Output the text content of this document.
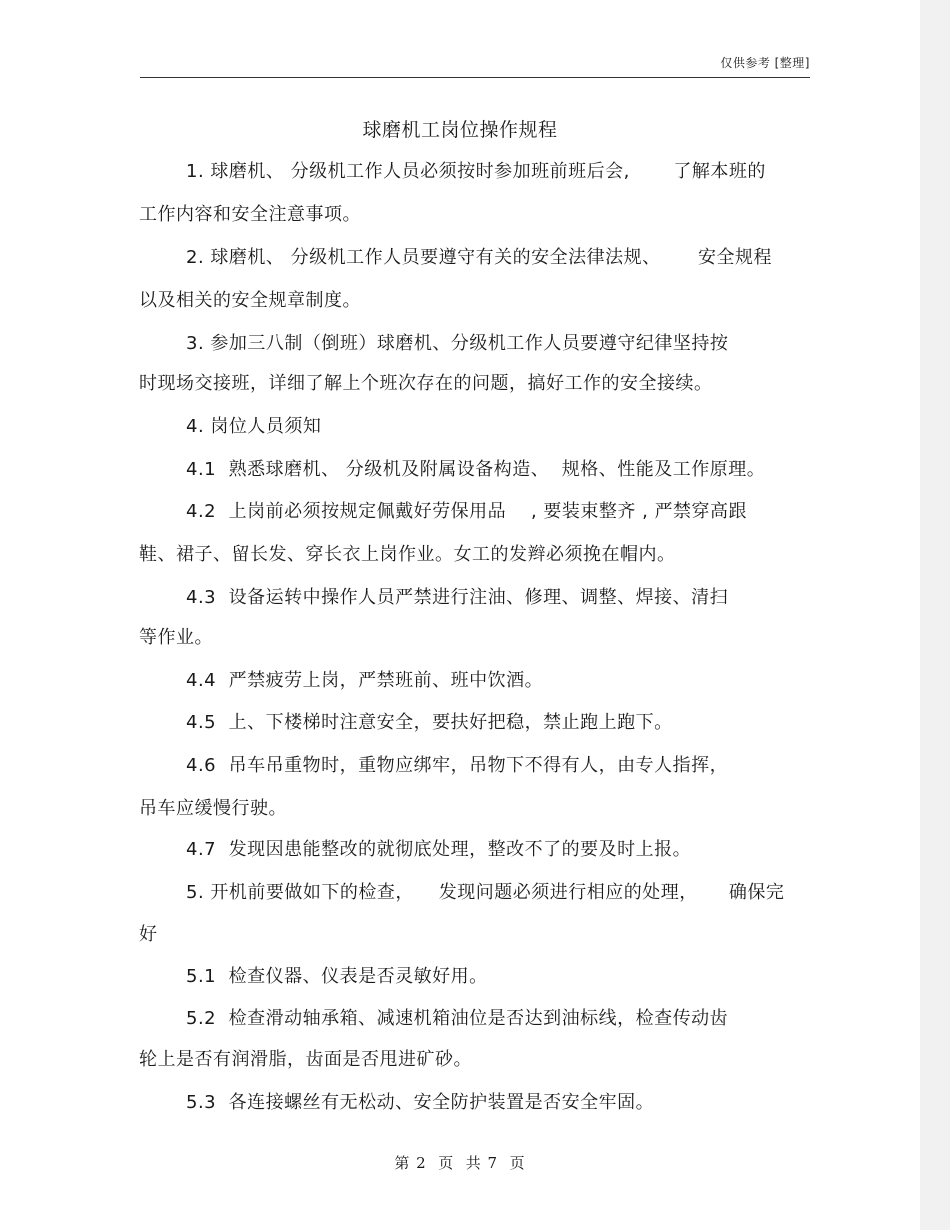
仅供参考 [整理]
球磨机工岗位操作规程
1. 球磨机、 分级机工作人员必须按时参加班前班后会,       了解本班的
工作内容和安全注意事项。
2. 球磨机、 分级机工作人员要遵守有关的安全法律法规、      安全规程
以及相关的安全规章制度。
3. 参加三八制（倒班）球磨机、分级机工作人员要遵守纪律坚持按
时现场交接班，详细了解上个班次存在的问题，搞好工作的安全接续。
4. 岗位人员须知
4.1  熟悉球磨机、 分级机及附属设备构造、  规格、性能及工作原理。
4.2  上岗前必须按规定佩戴好劳保用品    , 要装束整齐 , 严禁穿高跟
鞋、裙子、留长发、穿长衣上岗作业。女工的发辫必须挽在帽内。
4.3  设备运转中操作人员严禁进行注油、修理、调整、焊接、清扫
等作业。
4.4  严禁疲劳上岗，严禁班前、班中饮酒。
4.5  上、下楼梯时注意安全，要扶好把稳，禁止跑上跑下。
4.6  吊车吊重物时，重物应绑牢，吊物下不得有人，由专人指挥，
吊车应缓慢行驶。
4.7  发现因患能整改的就彻底处理，整改不了的要及时上报。
5. 开机前要做如下的检查，    发现问题必须进行相应的处理，     确保完
好
5.1  检查仪器、仪表是否灵敏好用。
5.2  检查滑动轴承箱、减速机箱油位是否达到油标线，检查传动齿
轮上是否有润滑脂，齿面是否甩进矿砂。
5.3  各连接螺丝有无松动、安全防护装置是否安全牢固。
第 2  页  共 7  页
